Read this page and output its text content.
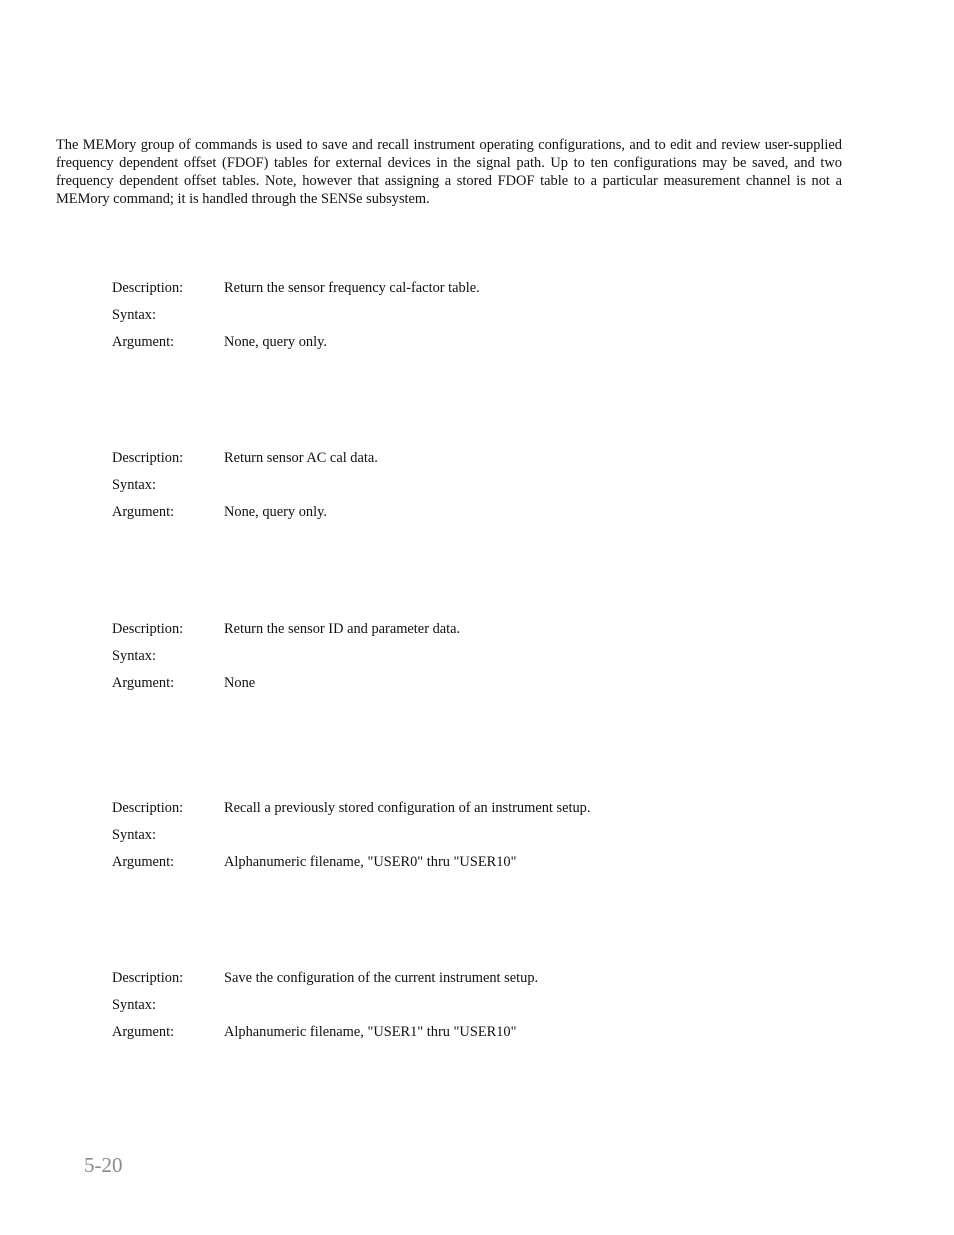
The MEMory group of commands is used to save and recall instrument operating configurations, and to edit and review user-supplied frequency dependent offset (FDOF) tables for external devices in the signal path. Up to ten configurations may be saved, and two frequency dependent offset tables. Note, however that assigning a stored FDOF table to a particular measurement channel is not a MEMory command; it is handled through the SENSe subsystem.

Description:	Return the sensor frequency cal-factor table.
Syntax:
Argument:	None, query only.
Description:	Return sensor AC cal data.
Syntax:
Argument:	None, query only.
Description:	Return the sensor ID and parameter data.
Syntax:
Argument:	None
Description:	Recall a previously stored configuration of an instrument setup.
Syntax:
Argument:	Alphanumeric filename, "USER0" thru "USER10"
Description:	Save the configuration of the current instrument setup.
Syntax:
Argument:	Alphanumeric filename, "USER1" thru "USER10"
5-20
